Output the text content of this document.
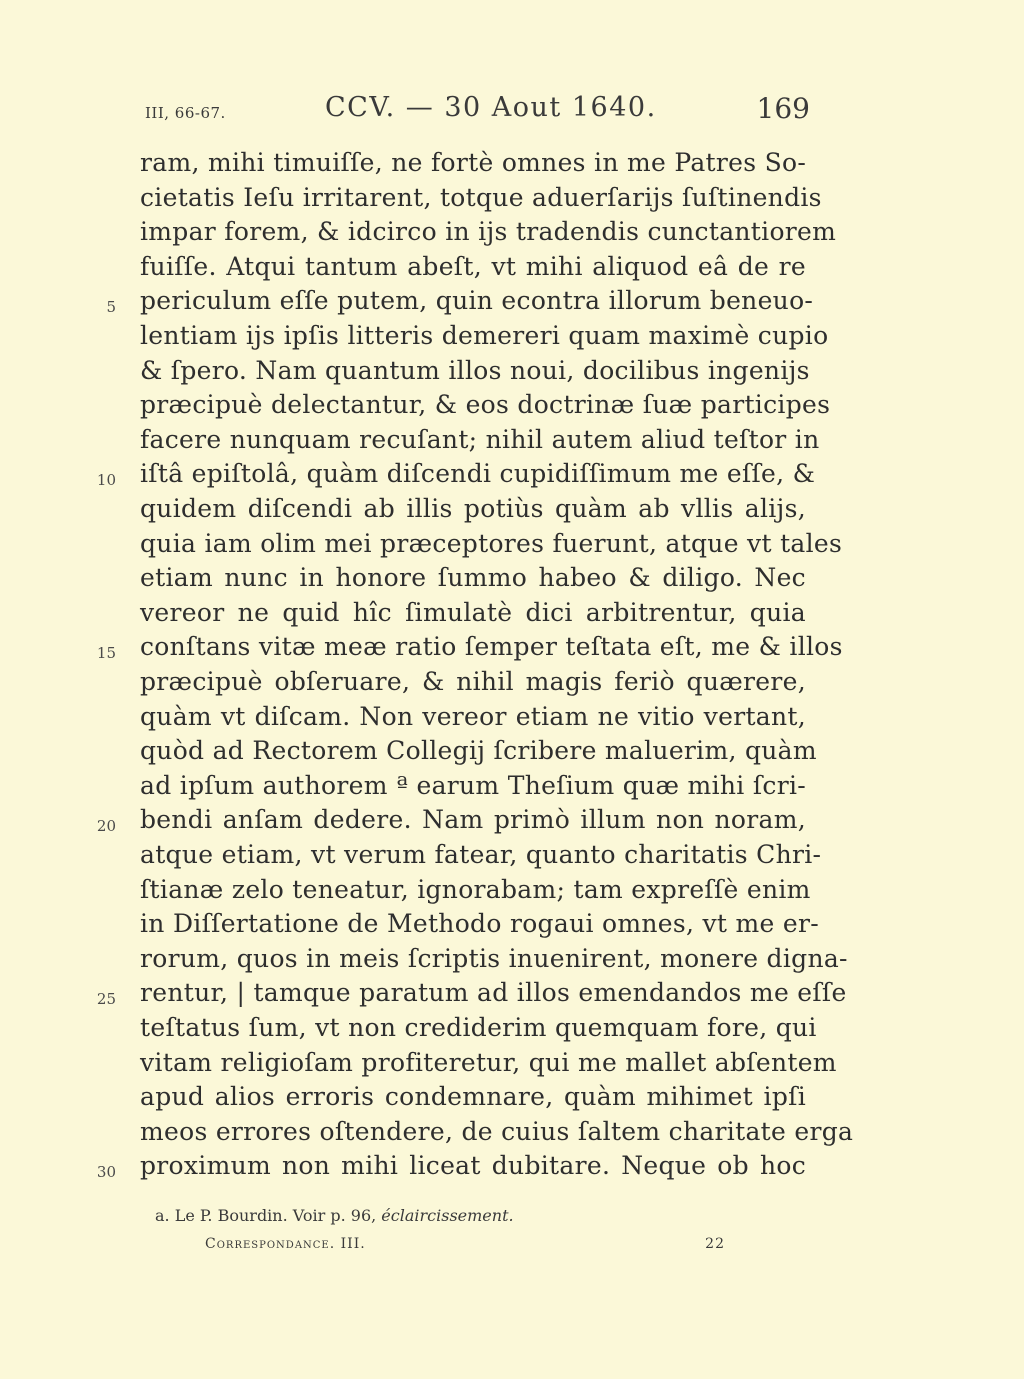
III, 66-67.	CCV. — 30 Aout 1640.	169
ram, mihi timuiſſe, ne fortè omnes in me Patres So-
cietatis Ieſu irritarent, totque aduerſarijs ſuſtinendis
impar forem, & idcirco in ijs tradendis cunctantiorem
fuiſſe. Atqui tantum abeſt, vt mihi aliquod eâ de re
5 periculum eſſe putem, quin econtra illorum beneuo-
lentiam ijs ipſis litteris demereri quam maximè cupio
& ſpero. Nam quantum illos noui, docilibus ingenijs
præcipuè delectantur, & eos doctrinæ ſuæ participes
facere nunquam recuſant; nihil autem aliud teſtor in
10 iſtâ epiſtolâ, quàm diſcendi cupidiſſimum me eſſe, &
quidem diſcendi ab illis potiùs quàm ab vllis alijs,
quia iam olim mei præceptores fuerunt, atque vt tales
etiam nunc in honore ſummo habeo & diligo. Nec
vereor ne quid hîc ſimulatè dici arbitrentur, quia
15 conſtans vitæ meæ ratio ſemper teſtata eſt, me & illos
præcipuè obſeruare, & nihil magis feriò quærere,
quàm vt diſcam. Non vereor etiam ne vitio vertant,
quòd ad Rectorem Collegij ſcribere maluerim, quàm
ad ipſum authorem ª earum Theſium quæ mihi ſcri-
20 bendi anſam dedere. Nam primò illum non noram,
atque etiam, vt verum fatear, quanto charitatis Chri-
ſtianæ zelo teneatur, ignorabam; tam expreſſè enim
in Diſſertatione de Methodo rogaui omnes, vt me er-
rorum, quos in meis ſcriptis inuenirent, monere digna-
25 rentur, | tamque paratum ad illos emendandos me eſſe
teſtatus ſum, vt non crediderim quemquam fore, qui
vitam religioſam profiteretur, qui me mallet abſentem
apud alios erroris condemnare, quàm mihimet ipſi
meos errores oſtendere, de cuius ſaltem charitate erga
30 proximum non mihi liceat dubitare. Neque ob hoc
a. Le P. Bourdin. Voir p. 96, éclaircissement.
Correspondance. III.	22
